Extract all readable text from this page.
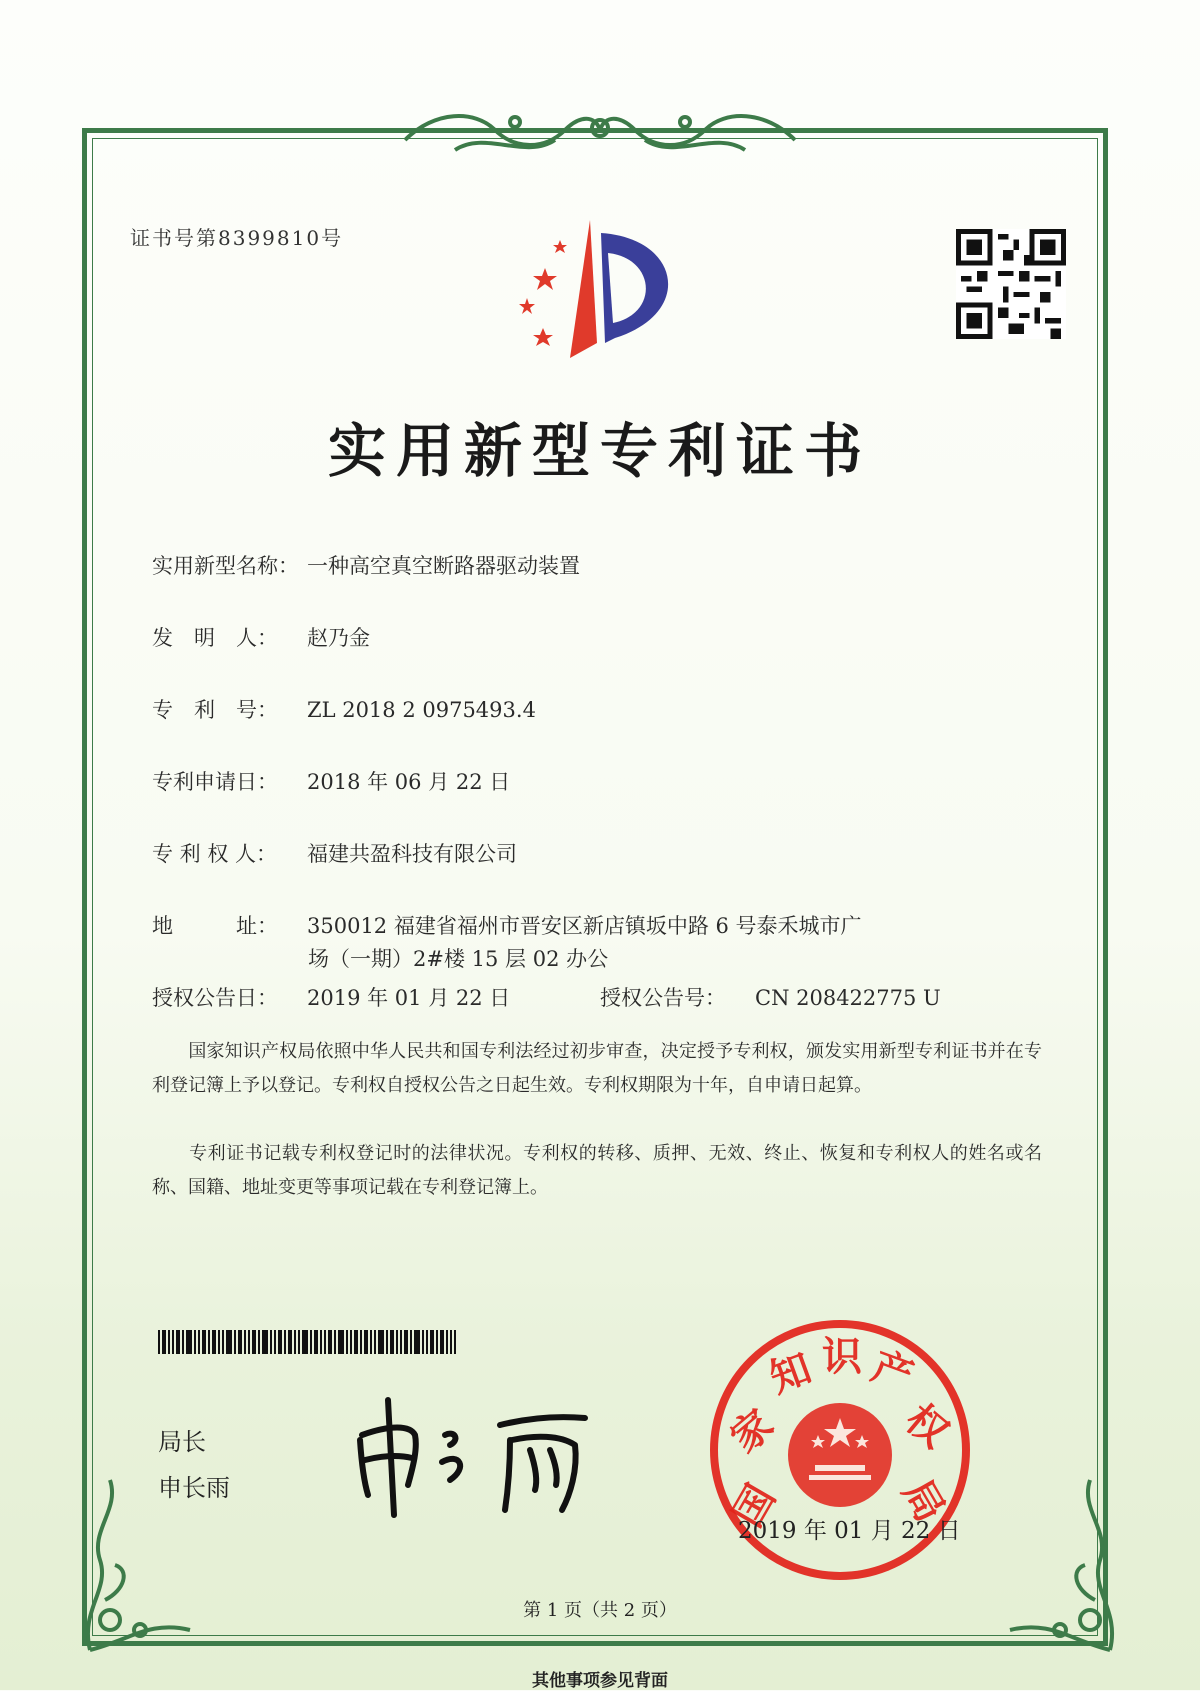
证书号第8399810号
实用新型专利证书
实用新型名称： 一种高空真空断路器驱动装置
发　明　人： 赵乃金
专　利　号： ZL 2018 2 0975493.4
专利申请日： 2018 年 06 月 22 日
专 利 权 人： 福建共盈科技有限公司
地　　　址： 350012 福建省福州市晋安区新店镇坂中路 6 号泰禾城市广
场（一期）2#楼 15 层 02 办公
授权公告日： 2019 年 01 月 22 日	授权公告号： CN 208422775 U
　　国家知识产权局依照中华人民共和国专利法经过初步审查，决定授予专利权，颁发实用新型专利证书并在专利登记簿上予以登记。专利权自授权公告之日起生效。专利权期限为十年，自申请日起算。
　　专利证书记载专利权登记时的法律状况。专利权的转移、质押、无效、终止、恢复和专利权人的姓名或名称、国籍、地址变更等事项记载在专利登记簿上。
局长
申长雨	国
家
知 识 产
权
局
2019 年 01 月 22 日
第 1 页（共 2 页）
其他事项参见背面
